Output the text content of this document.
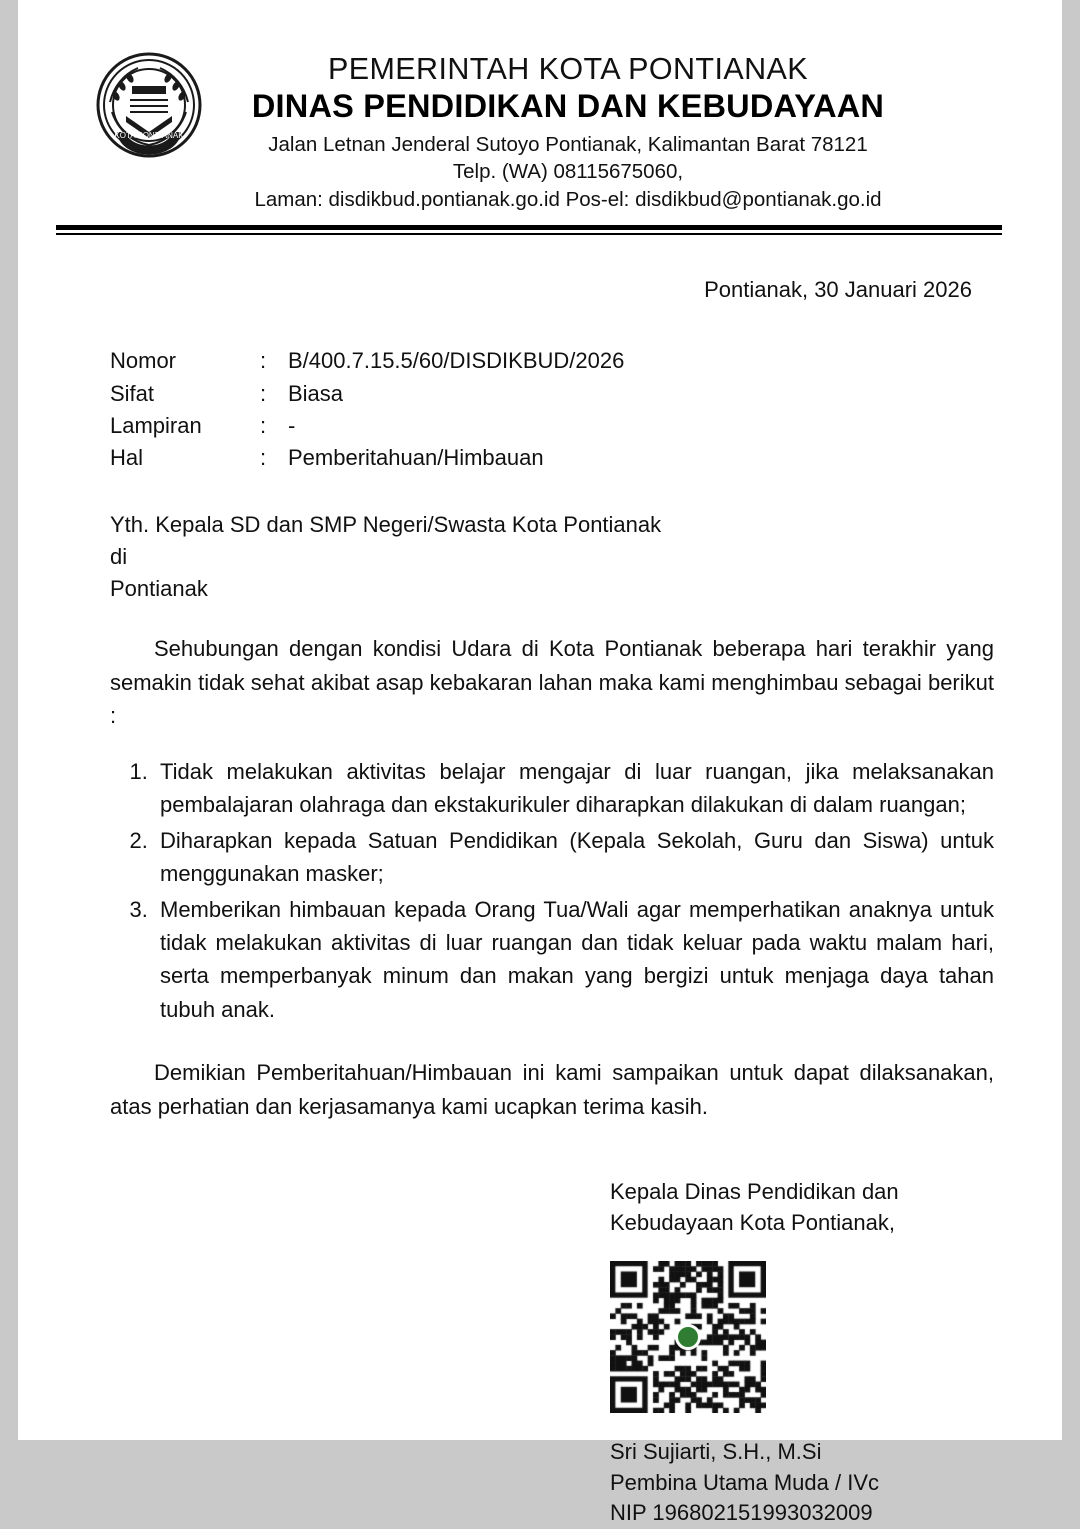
KOTA PONTIANAK
PEMERINTAH KOTA PONTIANAK
DINAS PENDIDIKAN DAN KEBUDAYAAN
Jalan Letnan Jenderal Sutoyo Pontianak, Kalimantan Barat 78121
Telp. (WA) 08115675060,
Laman: disdikbud.pontianak.go.id Pos-el: disdikbud@pontianak.go.id
Pontianak, 30 Januari 2026
Nomor	: B/400.7.15.5/60/DISDIKBUD/2026
Sifat	: Biasa
Lampiran	: -
Hal	: Pemberitahuan/Himbauan
Yth. Kepala SD dan SMP Negeri/Swasta Kota Pontianak
di
Pontianak

Sehubungan dengan kondisi Udara di Kota Pontianak beberapa hari terakhir yang semakin tidak sehat akibat asap kebakaran lahan maka kami menghimbau sebagai berikut :

1. Tidak melakukan aktivitas belajar mengajar di luar ruangan, jika melaksanakan pembalajaran olahraga dan ekstakurikuler diharapkan dilakukan di dalam ruangan;
2. Diharapkan kepada Satuan Pendidikan (Kepala Sekolah, Guru dan Siswa) untuk menggunakan masker;
3. Memberikan himbauan kepada Orang Tua/Wali agar memperhatikan anaknya untuk tidak melakukan aktivitas di luar ruangan dan tidak keluar pada waktu malam hari, serta memperbanyak minum dan makan yang bergizi untuk menjaga daya tahan tubuh anak.

Demikian Pemberitahuan/Himbauan ini kami sampaikan untuk dapat dilaksanakan, atas perhatian dan kerjasamanya kami ucapkan terima kasih.

Kepala Dinas Pendidikan dan
Kebudayaan Kota Pontianak,
Sri Sujiarti, S.H., M.Si
Pembina Utama Muda / IVc
NIP 196802151993032009
